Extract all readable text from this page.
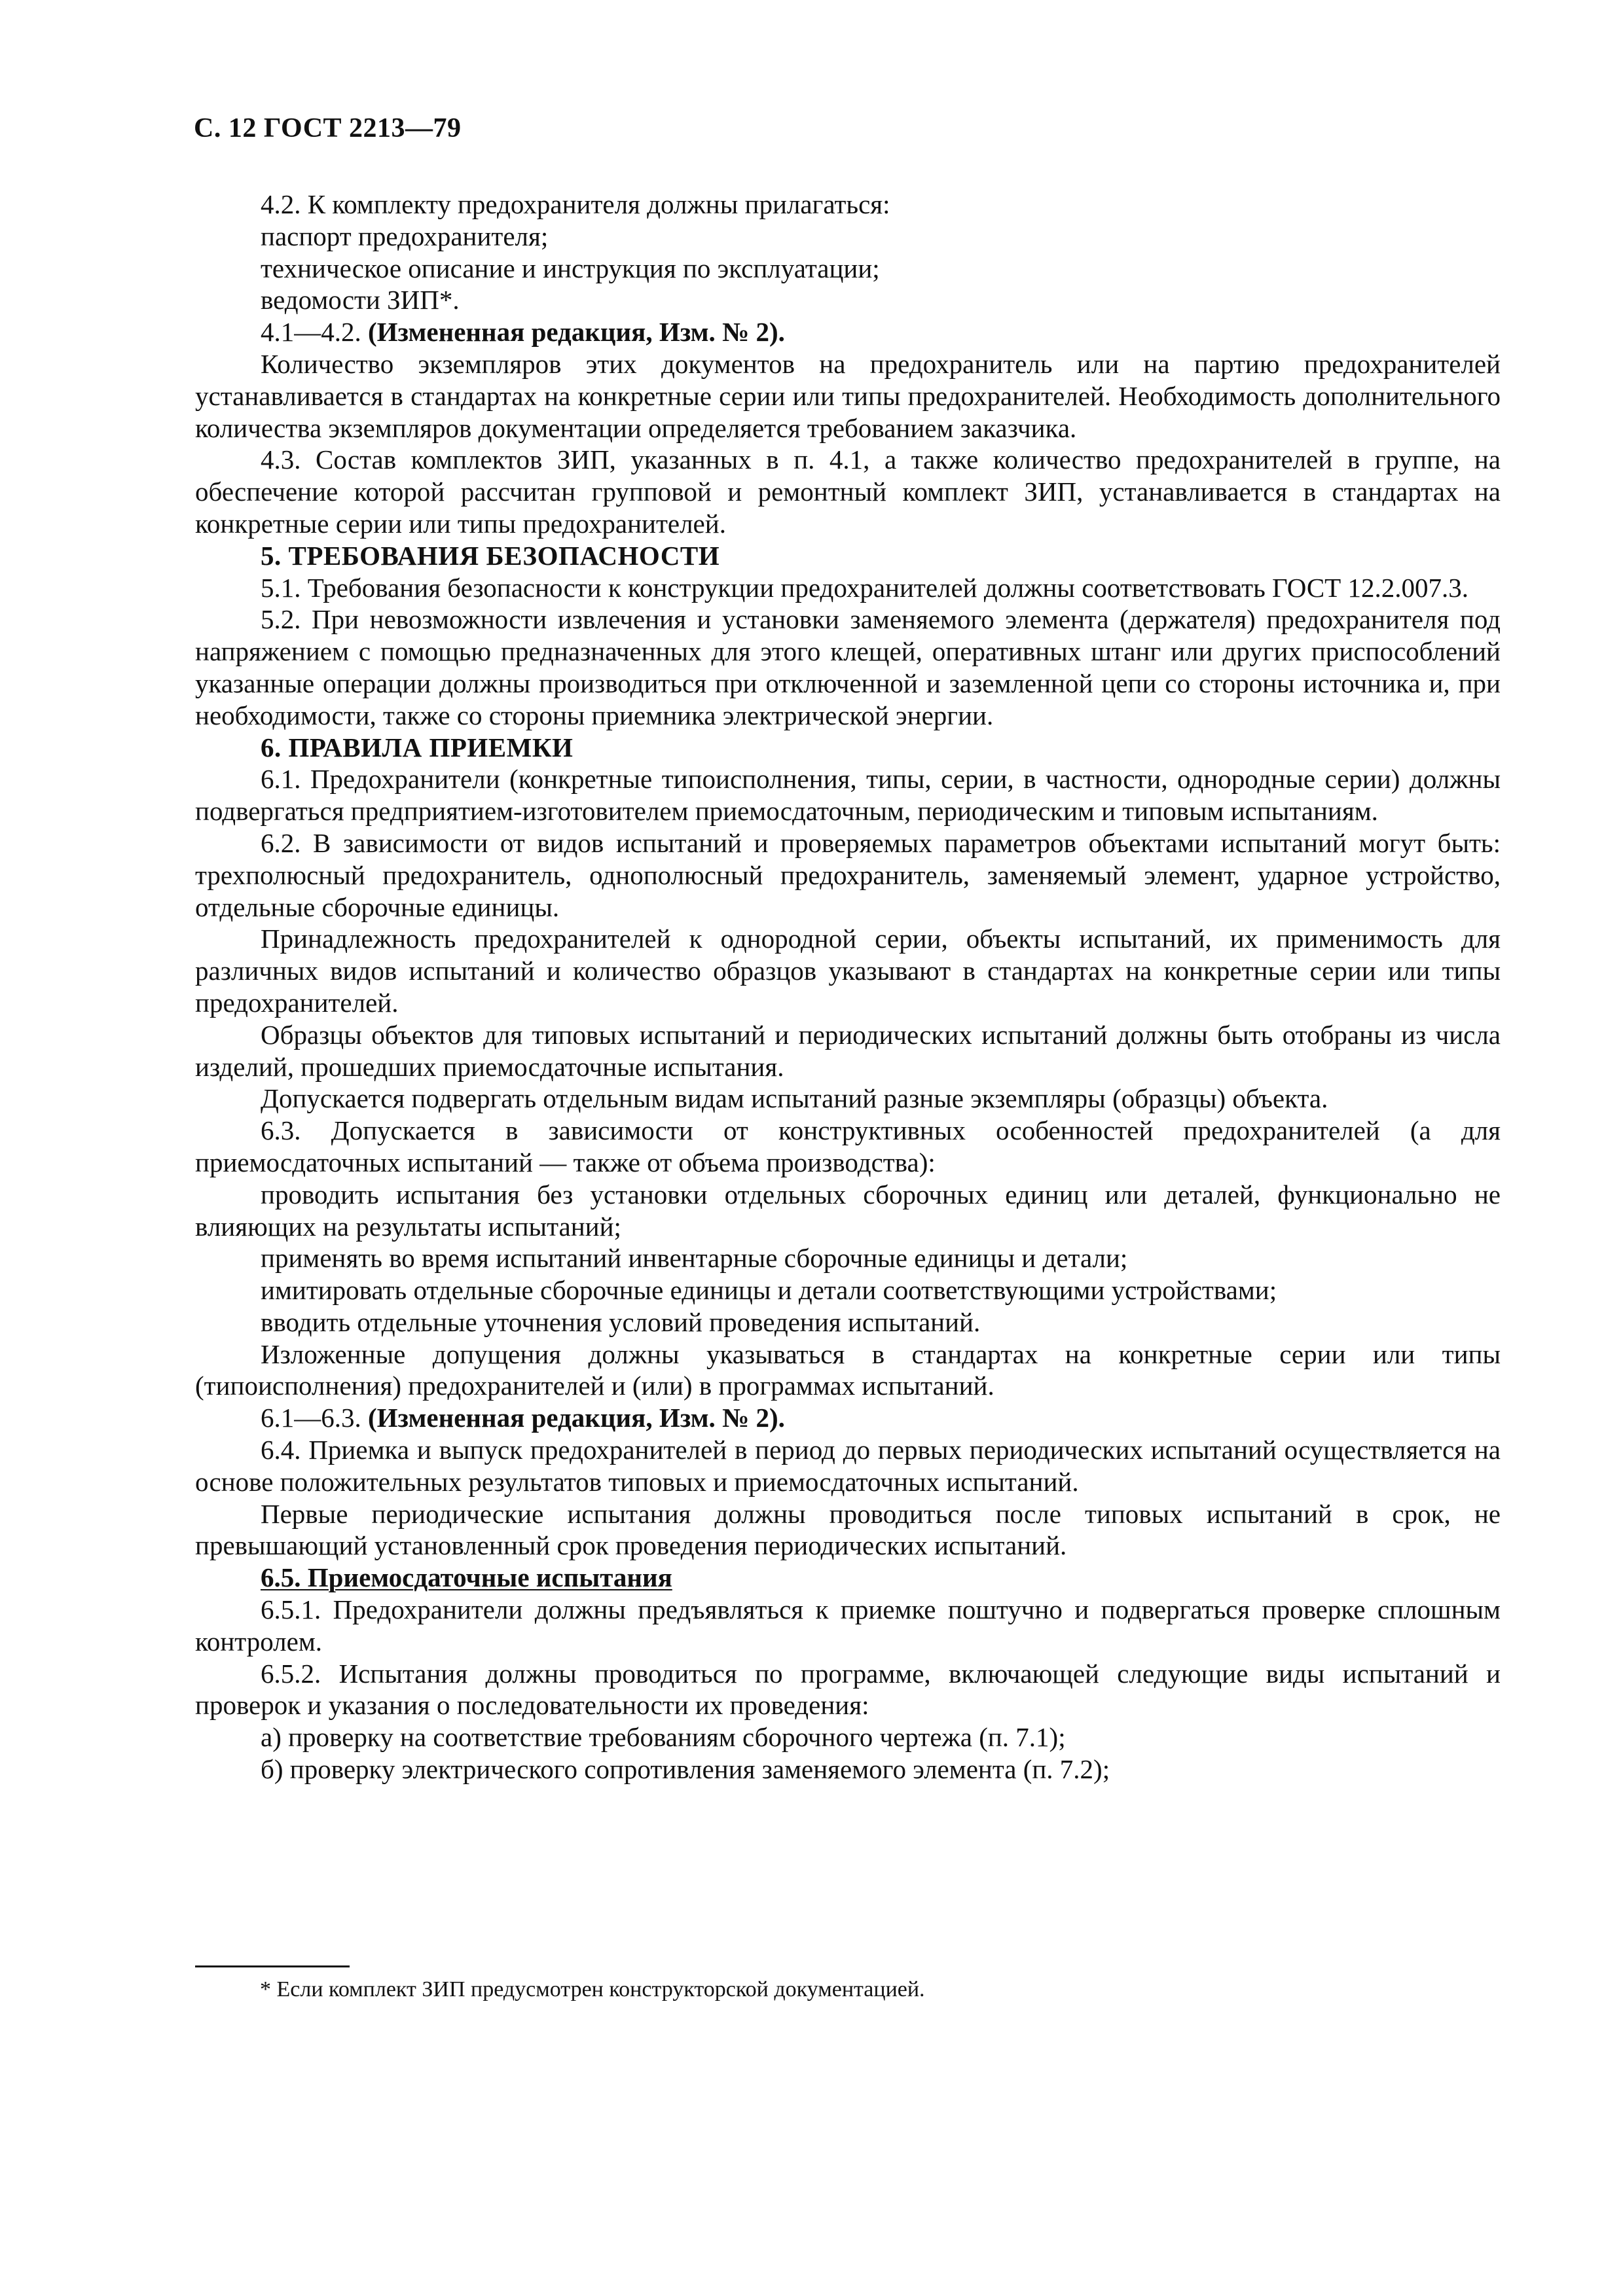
С. 12 ГОСТ 2213—79

4.2. К комплекту предохранителя должны прилагаться:

паспорт предохранителя;

техническое описание и инструкция по эксплуатации;

ведомости ЗИП*.

4.1—4.2. (Измененная редакция, Изм. № 2).

Количество экземпляров этих документов на предохранитель или на партию предохранителей устанавливается в стандартах на конкретные серии или типы предохранителей. Необходимость дополнительного количества экземпляров документации определяется требованием заказчика.

4.3. Состав комплектов ЗИП, указанных в п. 4.1, а также количество предохранителей в группе, на обеспечение которой рассчитан групповой и ремонтный комплект ЗИП, устанавливается в стандартах на конкретные серии или типы предохранителей.

5. ТРЕБОВАНИЯ БЕЗОПАСНОСТИ

5.1. Требования безопасности к конструкции предохранителей должны соответствовать ГОСТ 12.2.007.3.

5.2. При невозможности извлечения и установки заменяемого элемента (держателя) предохранителя под напряжением с помощью предназначенных для этого клещей, оперативных штанг или других приспособлений указанные операции должны производиться при отключенной и заземленной цепи со стороны источника и, при необходимости, также со стороны приемника электрической энергии.

6. ПРАВИЛА ПРИЕМКИ

6.1. Предохранители (конкретные типоисполнения, типы, серии, в частности, однородные серии) должны подвергаться предприятием-изготовителем приемосдаточным, периодическим и типовым испытаниям.

6.2. В зависимости от видов испытаний и проверяемых параметров объектами испытаний могут быть: трехполюсный предохранитель, однополюсный предохранитель, заменяемый элемент, ударное устройство, отдельные сборочные единицы.

Принадлежность предохранителей к однородной серии, объекты испытаний, их применимость для различных видов испытаний и количество образцов указывают в стандартах на конкретные серии или типы предохранителей.

Образцы объектов для типовых испытаний и периодических испытаний должны быть отобраны из числа изделий, прошедших приемосдаточные испытания.

Допускается подвергать отдельным видам испытаний разные экземпляры (образцы) объекта.

6.3. Допускается в зависимости от конструктивных особенностей предохранителей (а для приемосдаточных испытаний — также от объема производства):

проводить испытания без установки отдельных сборочных единиц или деталей, функционально не влияющих на результаты испытаний;

применять во время испытаний инвентарные сборочные единицы и детали;

имитировать отдельные сборочные единицы и детали соответствующими устройствами;

вводить отдельные уточнения условий проведения испытаний.

Изложенные допущения должны указываться в стандартах на конкретные серии или типы (типоисполнения) предохранителей и (или) в программах испытаний.

6.1—6.3. (Измененная редакция, Изм. № 2).

6.4. Приемка и выпуск предохранителей в период до первых периодических испытаний осуществляется на основе положительных результатов типовых и приемосдаточных испытаний.

Первые периодические испытания должны проводиться после типовых испытаний в срок, не превышающий установленный срок проведения периодических испытаний.

6.5. Приемосдаточные испытания

6.5.1. Предохранители должны предъявляться к приемке поштучно и подвергаться проверке сплошным контролем.

6.5.2. Испытания должны проводиться по программе, включающей следующие виды испытаний и проверок и указания о последовательности их проведения:

а) проверку на соответствие требованиям сборочного чертежа (п. 7.1);

б) проверку электрического сопротивления заменяемого элемента (п. 7.2);

* Если комплект ЗИП предусмотрен конструкторской документацией.
